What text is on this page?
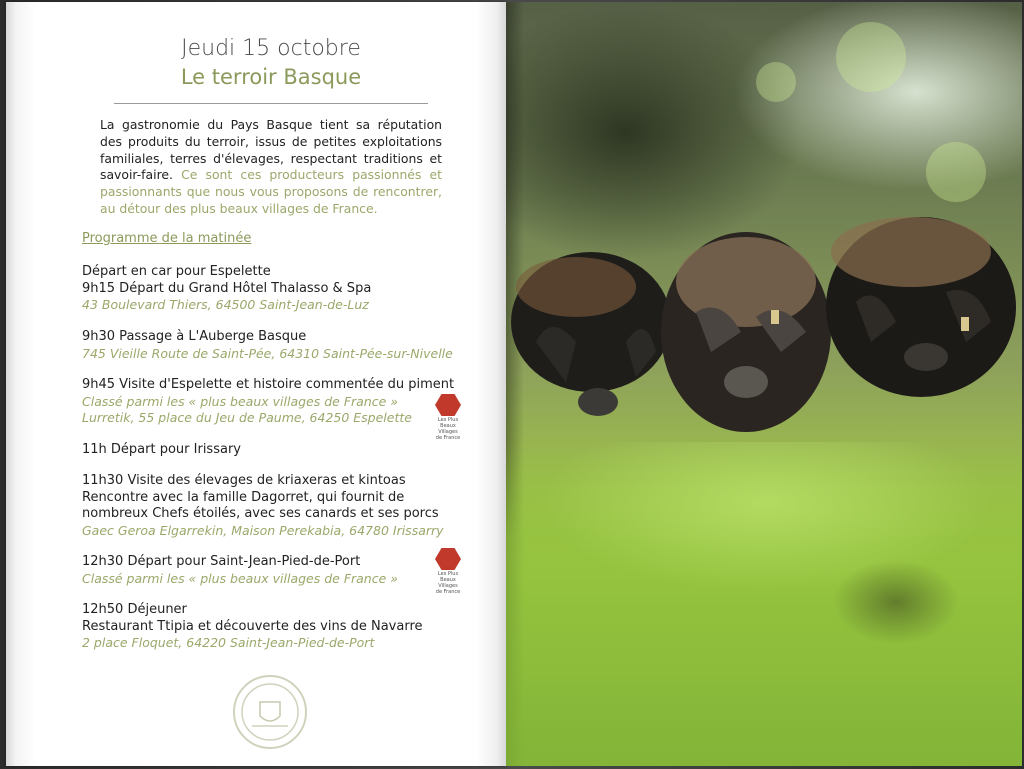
Jeudi 15 octobre
Le terroir Basque
La gastronomie du Pays Basque tient sa réputation des produits du terroir, issus de petites exploitations familiales, terres d'élevages, respectant traditions et savoir-faire. Ce sont ces producteurs passionnés et passionnants que nous vous proposons de rencontrer, au détour des plus beaux villages de France.
Programme de la matinée
Départ en car pour Espelette
9h15 Départ du Grand Hôtel Thalasso & Spa
43 Boulevard Thiers, 64500 Saint-Jean-de-Luz
9h30 Passage à L'Auberge Basque
745 Vieille Route de Saint-Pée, 64310 Saint-Pée-sur-Nivelle
9h45 Visite d'Espelette et histoire commentée du piment
Classé parmi les « plus beaux villages de France »
Lurretik, 55 place du Jeu de Paume, 64250 Espelette
11h Départ pour Irissary
11h30 Visite des élevages de kriaxeras et kintoas
Rencontre avec la famille Dagorret, qui fournit de
nombreux Chefs étoilés, avec ses canards et ses porcs
Gaec Geroa Elgarrekin, Maison Perekabia, 64780 Irissarry
12h30 Départ pour Saint-Jean-Pied-de-Port
Classé parmi les « plus beaux villages de France »
12h50 Déjeuner
Restaurant Ttipia et découverte des vins de Navarre
2 place Floquet, 64220 Saint-Jean-Pied-de-Port
Les Plus
Beaux Villages
de France
Les Plus
Beaux Villages
de France
